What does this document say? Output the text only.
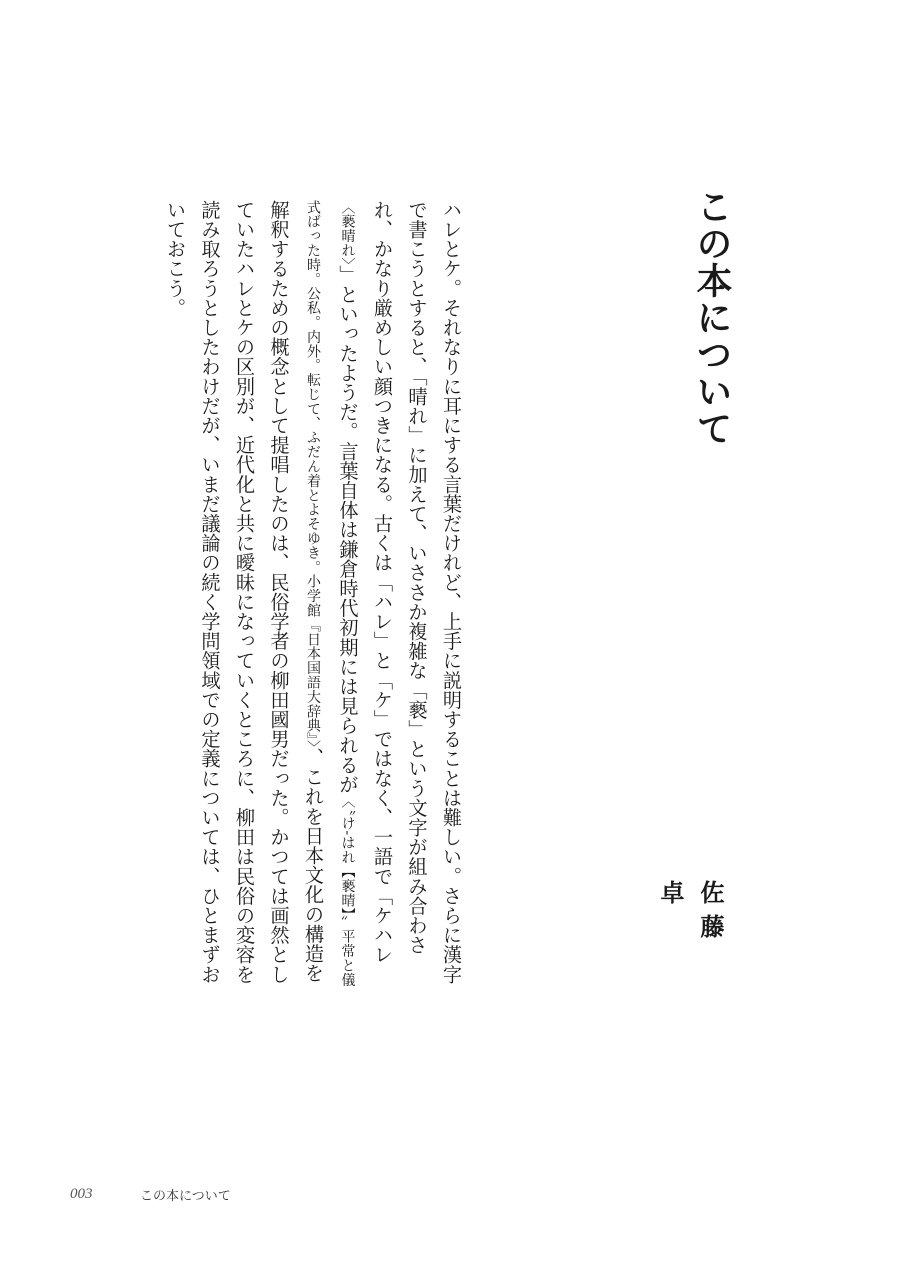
この本について
佐藤　卓

ハレとケ。それなりに耳にする言葉だけれど、上手に説明することは難しい。さらに漢字で書こうとすると、「晴れ」に加えて、いささか複雑な「褻」という文字が組み合わされ、かなり厳めしい顔つきになる。古くは「ハレ」と「ケ」ではなく、一語で「ケハレ〈褻晴れ〉」といったようだ。言葉自体は鎌倉時代初期には見られるが〈〝け‐はれ【褻晴】〟平常と儀式ばった時。公私。内外。転じて、ふだん着とよそゆき。小学館『日本国語大辞典』〉、これを日本文化の構造を解釈するための概念として提唱したのは、民俗学者の柳田國男だった。かつては画然としていたハレとケの区別が、近代化と共に曖昧になっていくところに、柳田は民俗の変容を読み取ろうとしたわけだが、いまだ議論の続く学問領域での定義については、ひとまずおいておこう。

003	この本について
